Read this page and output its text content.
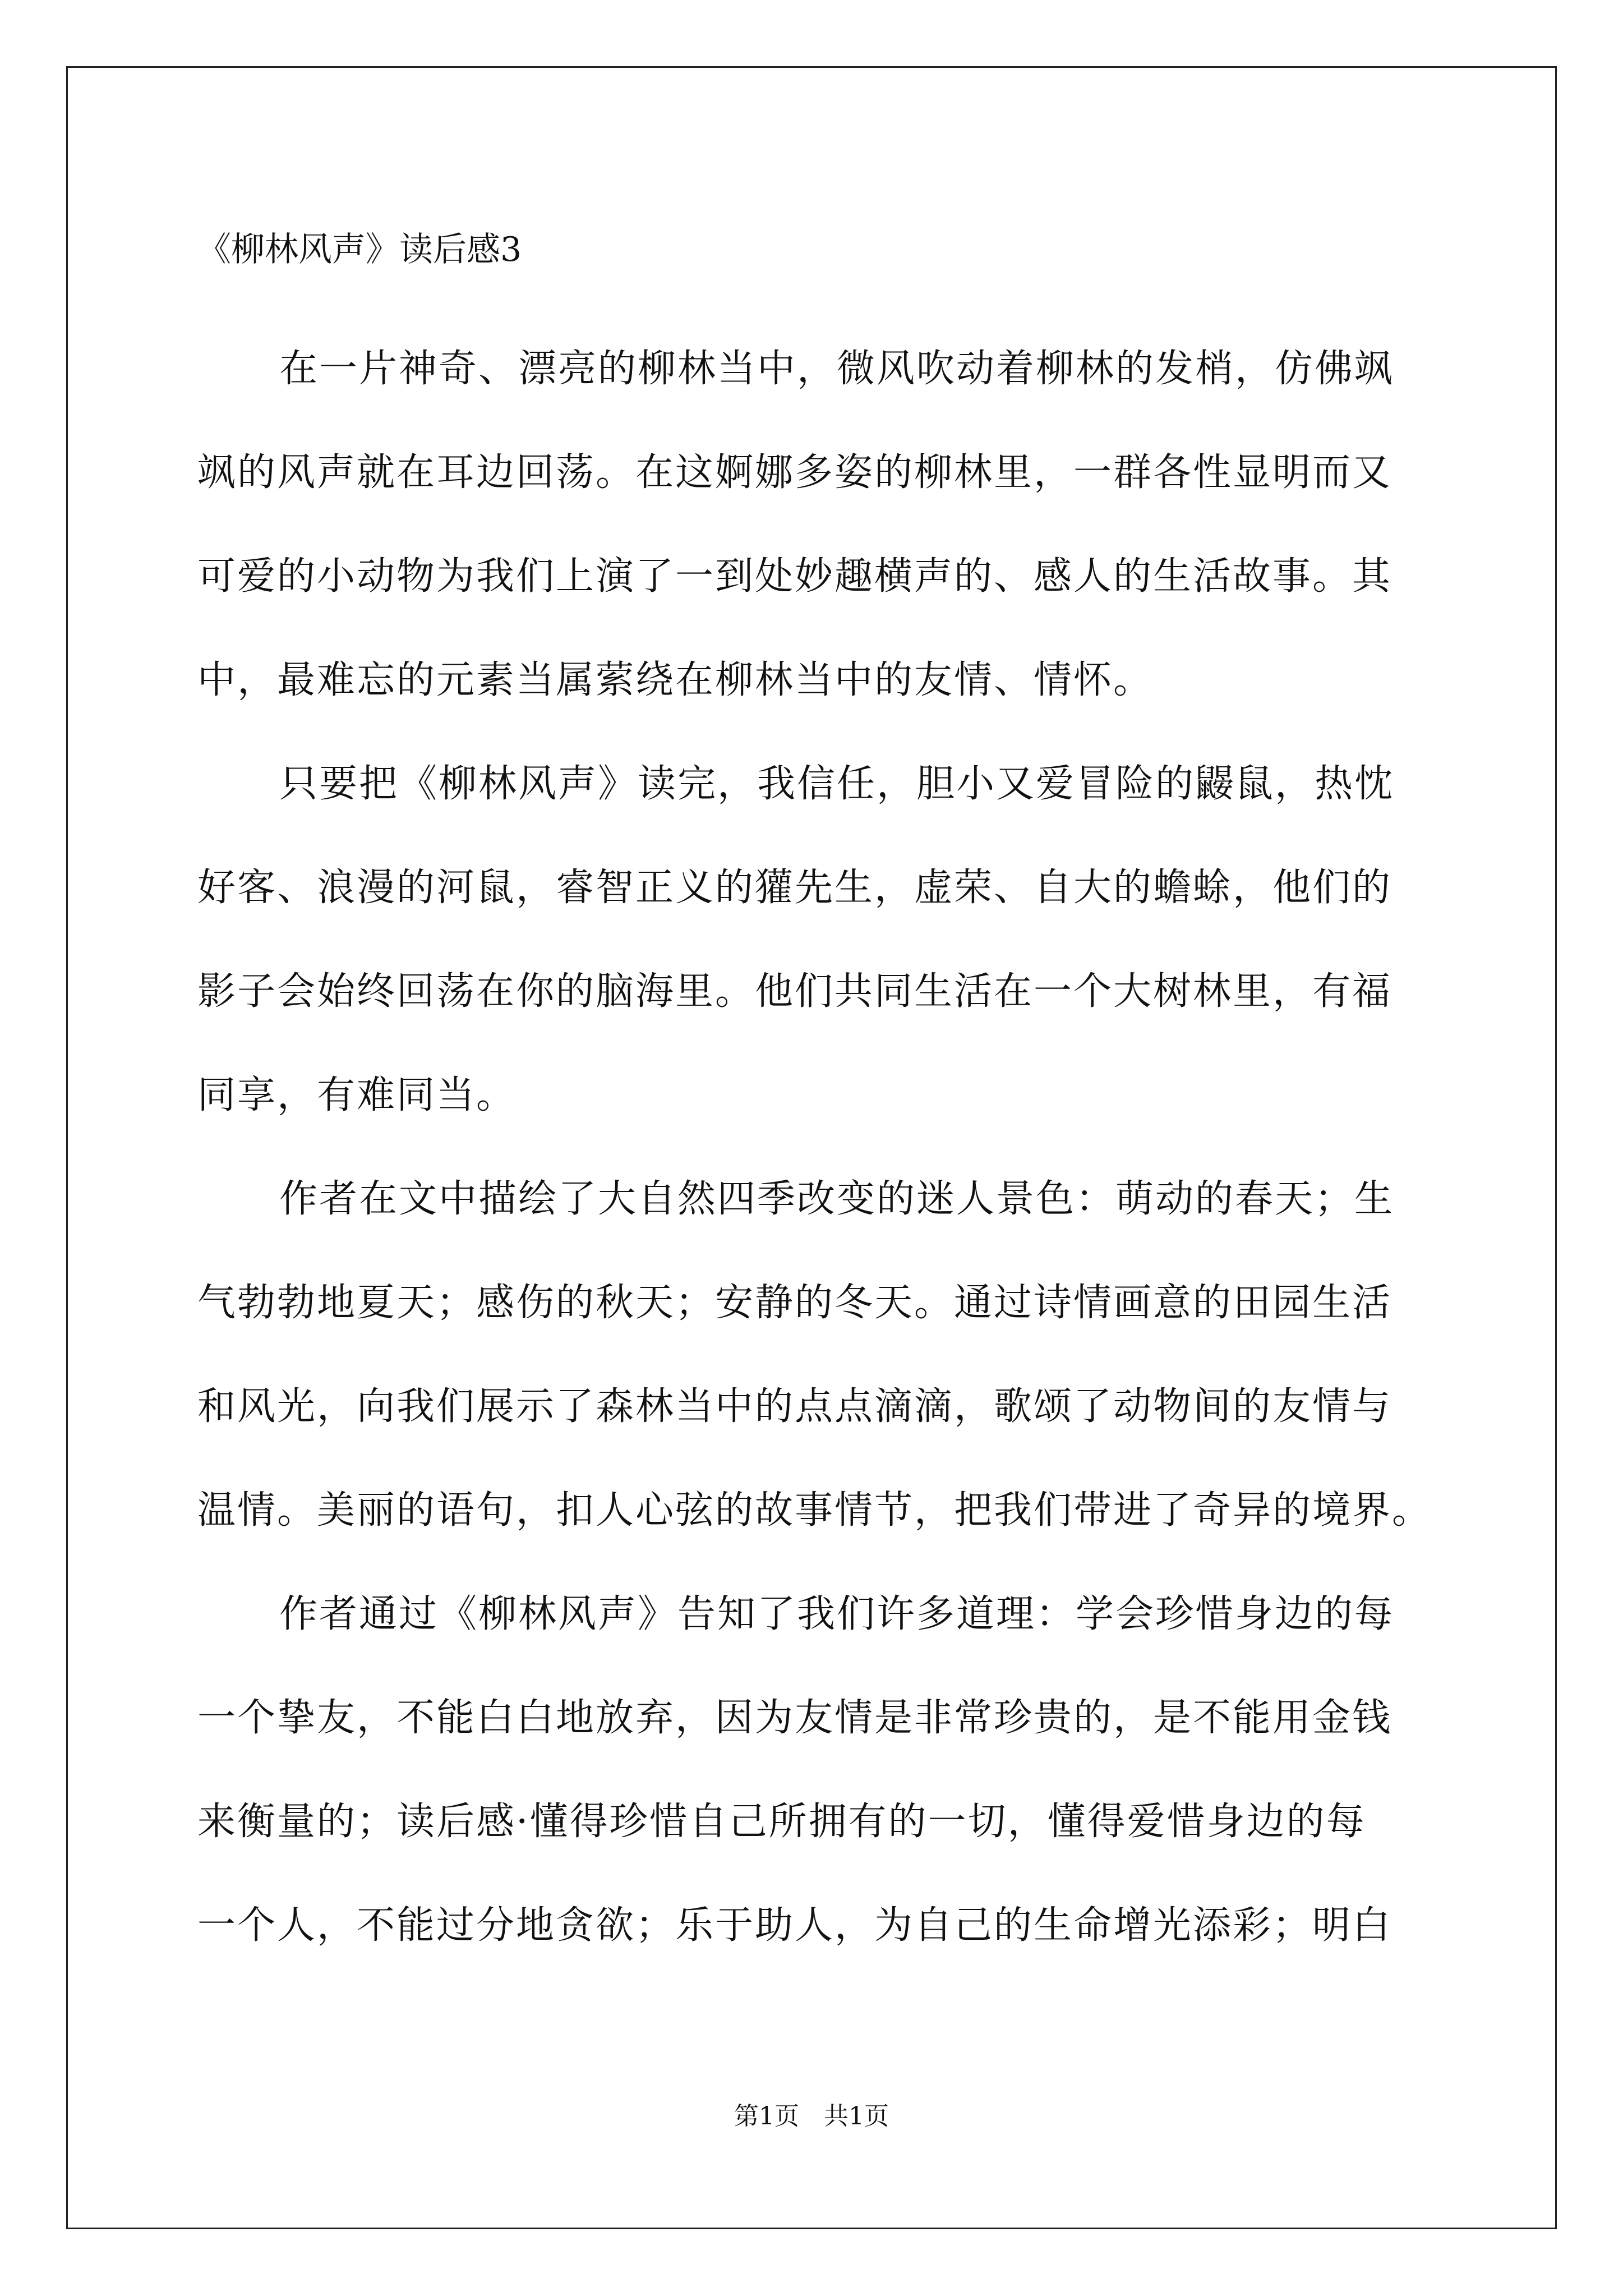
《柳林风声》读后感3
在一片神奇、漂亮的柳林当中，微风吹动着柳林的发梢，仿佛飒
飒的风声就在耳边回荡。在这婀娜多姿的柳林里，一群各性显明而又
可爱的小动物为我们上演了一到处妙趣横声的、感人的生活故事。其
中，最难忘的元素当属萦绕在柳林当中的友情、情怀。
只要把《柳林风声》读完，我信任，胆小又爱冒险的鼹鼠，热忱
好客、浪漫的河鼠，睿智正义的獾先生，虚荣、自大的蟾蜍，他们的
影子会始终回荡在你的脑海里。他们共同生活在一个大树林里，有福
同享，有难同当。
作者在文中描绘了大自然四季改变的迷人景色：萌动的春天；生
气勃勃地夏天；感伤的秋天；安静的冬天。通过诗情画意的田园生活
和风光，向我们展示了森林当中的点点滴滴，歌颂了动物间的友情与
温情。美丽的语句，扣人心弦的故事情节，把我们带进了奇异的境界。
作者通过《柳林风声》告知了我们许多道理：学会珍惜身边的每
一个挚友，不能白白地放弃，因为友情是非常珍贵的，是不能用金钱
来衡量的；读后感·懂得珍惜自己所拥有的一切，懂得爱惜身边的每
一个人，不能过分地贪欲；乐于助人，为自己的生命增光添彩；明白
第1页　共1页
